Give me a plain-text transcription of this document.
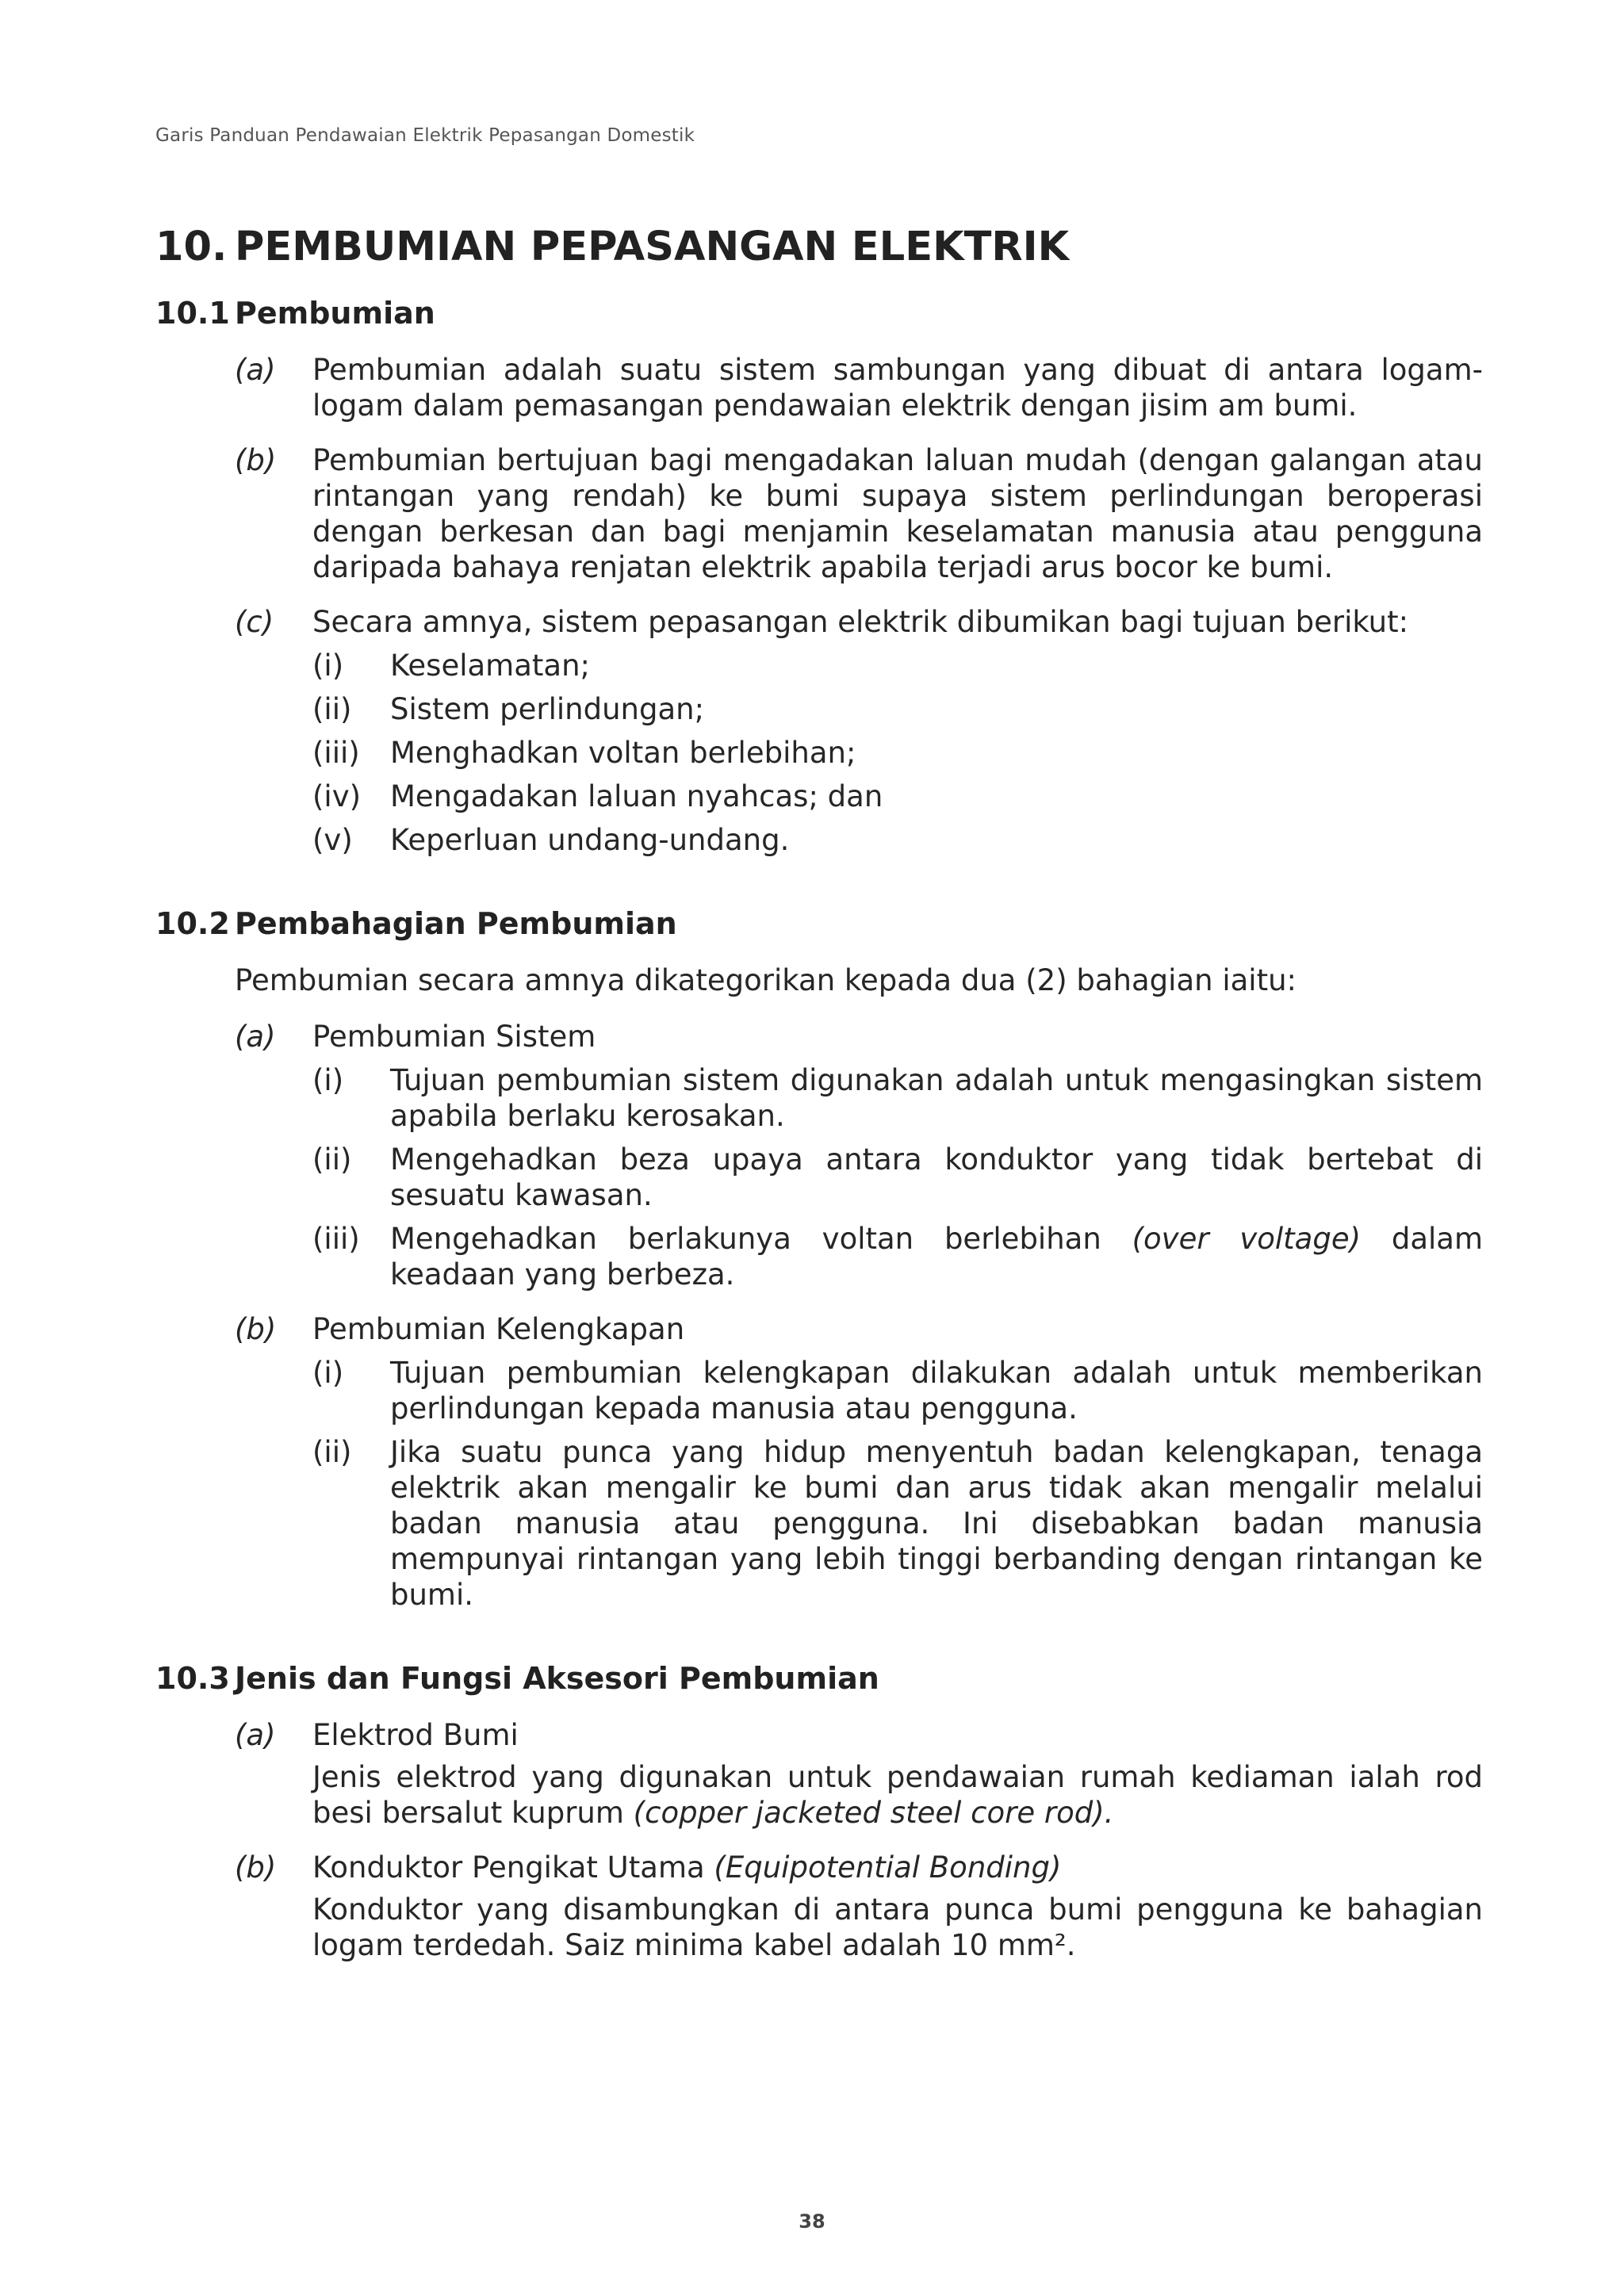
Garis Panduan Pendawaian Elektrik Pepasangan Domestik
10. PEMBUMIAN PEPASANGAN ELEKTRIK
10.1 Pembumian
(a) Pembumian adalah suatu sistem sambungan yang dibuat di antara logam-logam dalam pemasangan pendawaian elektrik dengan jisim am bumi.
(b) Pembumian bertujuan bagi mengadakan laluan mudah (dengan galangan atau rintangan yang rendah) ke bumi supaya sistem perlindungan beroperasi dengan berkesan dan bagi menjamin keselamatan manusia atau pengguna daripada bahaya renjatan elektrik apabila terjadi arus bocor ke bumi.
(c) Secara amnya, sistem pepasangan elektrik dibumikan bagi tujuan berikut:
(i) Keselamatan;
(ii) Sistem perlindungan;
(iii) Menghadkan voltan berlebihan;
(iv) Mengadakan laluan nyahcas; dan
(v) Keperluan undang-undang.
10.2 Pembahagian Pembumian
Pembumian secara amnya dikategorikan kepada dua (2) bahagian iaitu:
(a) Pembumian Sistem
(i) Tujuan pembumian sistem digunakan adalah untuk mengasingkan sistem apabila berlaku kerosakan.
(ii) Mengehadkan beza upaya antara konduktor yang tidak bertebat di sesuatu kawasan.
(iii) Mengehadkan berlakunya voltan berlebihan (over voltage) dalam keadaan yang berbeza.
(b) Pembumian Kelengkapan
(i) Tujuan pembumian kelengkapan dilakukan adalah untuk memberikan perlindungan kepada manusia atau pengguna.
(ii) Jika suatu punca yang hidup menyentuh badan kelengkapan, tenaga elektrik akan mengalir ke bumi dan arus tidak akan mengalir melalui badan manusia atau pengguna. Ini disebabkan badan manusia mempunyai rintangan yang lebih tinggi berbanding dengan rintangan ke bumi.
10.3 Jenis dan Fungsi Aksesori Pembumian
(a) Elektrod Bumi
Jenis elektrod yang digunakan untuk pendawaian rumah kediaman ialah rod besi bersalut kuprum (copper jacketed steel core rod).
(b) Konduktor Pengikat Utama (Equipotential Bonding)
Konduktor yang disambungkan di antara punca bumi pengguna ke bahagian logam terdedah. Saiz minima kabel adalah 10 mm².
38
